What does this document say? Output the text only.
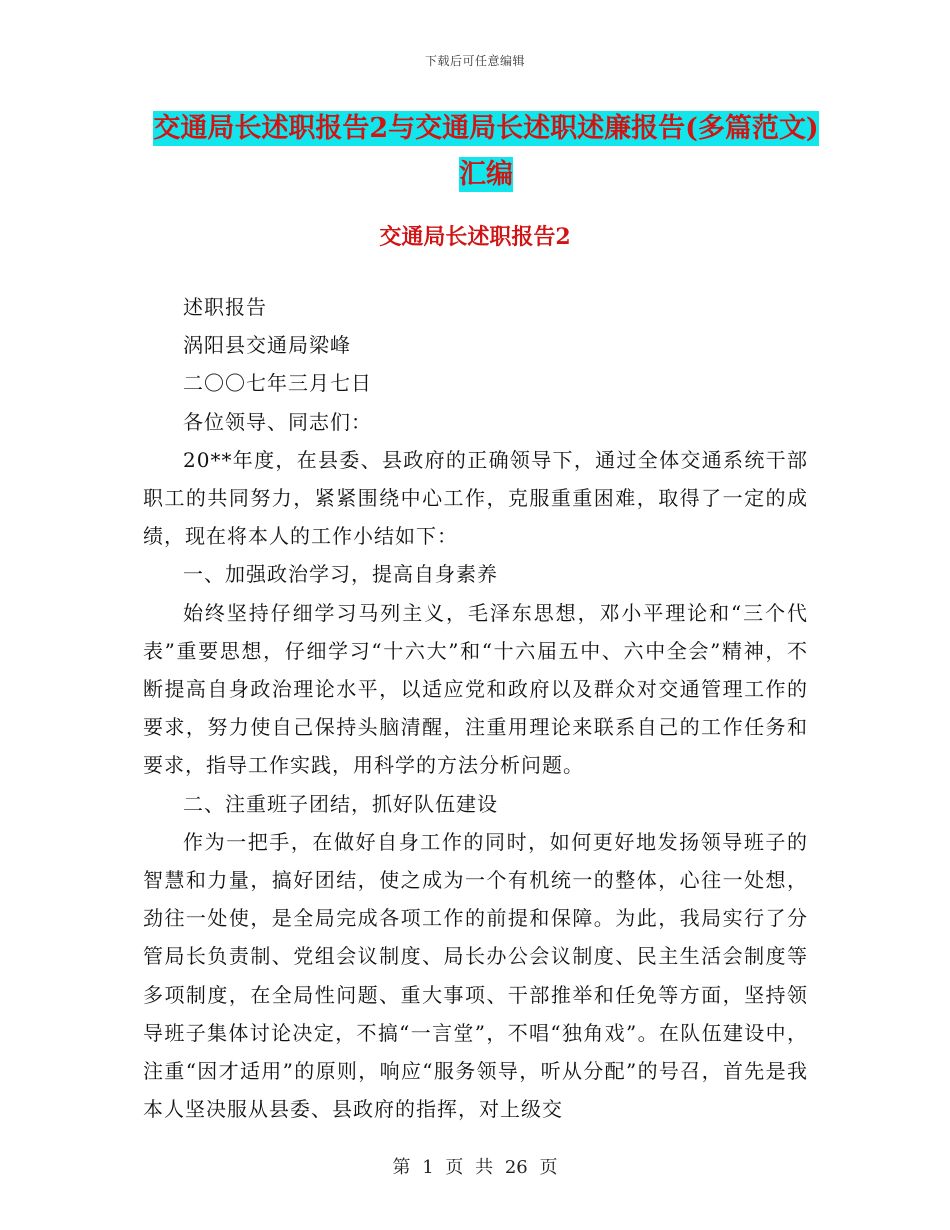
下载后可任意编辑
交通局长述职报告2与交通局长述职述廉报告(多篇范文)汇编
交通局长述职报告2

述职报告

涡阳县交通局梁峰

二〇〇七年三月七日

各位领导、同志们：

20**年度，在县委、县政府的正确领导下，通过全体交通系统干部职工的共同努力，紧紧围绕中心工作，克服重重困难，取得了一定的成绩，现在将本人的工作小结如下：

一、加强政治学习，提高自身素养

始终坚持仔细学习马列主义，毛泽东思想，邓小平理论和“三个代表”重要思想，仔细学习“十六大”和“十六届五中、六中全会”精神，不断提高自身政治理论水平，以适应党和政府以及群众对交通管理工作的要求，努力使自己保持头脑清醒，注重用理论来联系自己的工作任务和要求，指导工作实践，用科学的方法分析问题。

二、注重班子团结，抓好队伍建设

作为一把手，在做好自身工作的同时，如何更好地发扬领导班子的智慧和力量，搞好团结，使之成为一个有机统一的整体，心往一处想，劲往一处使，是全局完成各项工作的前提和保障。为此，我局实行了分管局长负责制、党组会议制度、局长办公会议制度、民主生活会制度等多项制度，在全局性问题、重大事项、干部推举和任免等方面，坚持领导班子集体讨论决定，不搞“一言堂”，不唱“独角戏”。在队伍建设中，注重“因才适用”的原则，响应“服务领导，听从分配”的号召，首先是我本人坚决服从县委、县政府的指挥，对上级交

第 1 页 共 26 页
